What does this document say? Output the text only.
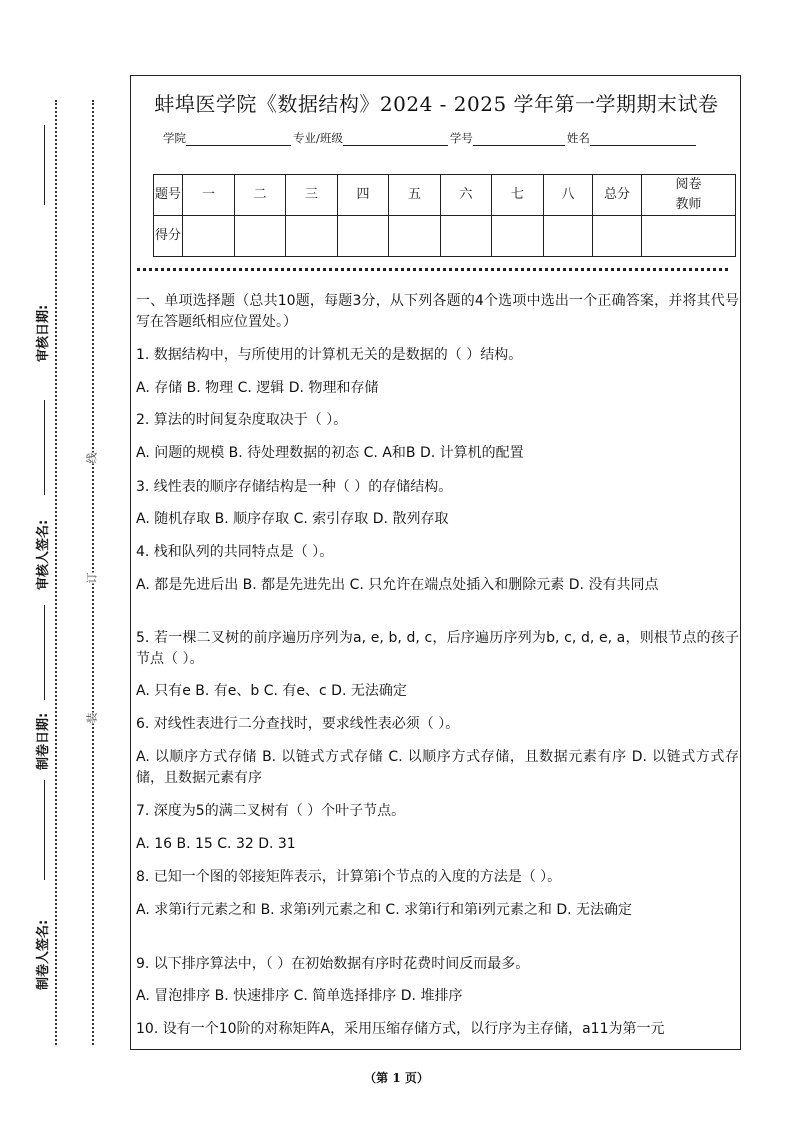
线
订
装
审核日期:
审核人签名:
制卷日期:
制卷人签名:
蚌埠医学院《数据结构》2024 - 2025 学年第一学期期末试卷
学院	专业/班级	学号	姓名
题号	一	二	三	四	五	六	七	八	总分	阅卷教师
得分										
一、单项选择题（总共10题，每题3分，从下列各题的4个选项中选出一个正确答案，并将其代号写在答题纸相应位置处。）
1. 数据结构中，与所使用的计算机无关的是数据的（ ）结构。
A. 存储 B. 物理 C. 逻辑 D. 物理和存储
2. 算法的时间复杂度取决于（ ）。
A. 问题的规模 B. 待处理数据的初态 C. A和B D. 计算机的配置
3. 线性表的顺序存储结构是一种（ ）的存储结构。
A. 随机存取 B. 顺序存取 C. 索引存取 D. 散列存取
4. 栈和队列的共同特点是（ ）。
A. 都是先进后出 B. 都是先进先出 C. 只允许在端点处插入和删除元素 D. 没有共同点
5. 若一棵二叉树的前序遍历序列为a, e, b, d, c，后序遍历序列为b, c, d, e, a，则根节点的孩子节点（ ）。
A. 只有e B. 有e、b C. 有e、c D. 无法确定
6. 对线性表进行二分查找时，要求线性表必须（ ）。
A. 以顺序方式存储 B. 以链式方式存储 C. 以顺序方式存储，且数据元素有序 D. 以链式方式存储，且数据元素有序
7. 深度为5的满二叉树有（ ）个叶子节点。
A. 16 B. 15 C. 32 D. 31
8. 已知一个图的邻接矩阵表示，计算第i个节点的入度的方法是（ ）。
A. 求第i行元素之和 B. 求第i列元素之和 C. 求第i行和第i列元素之和 D. 无法确定
9. 以下排序算法中，（ ）在初始数据有序时花费时间反而最多。
A. 冒泡排序 B. 快速排序 C. 简单选择排序 D. 堆排序
10. 设有一个10阶的对称矩阵A，采用压缩存储方式，以行序为主存储，a11为第一元
（第 1 页）
